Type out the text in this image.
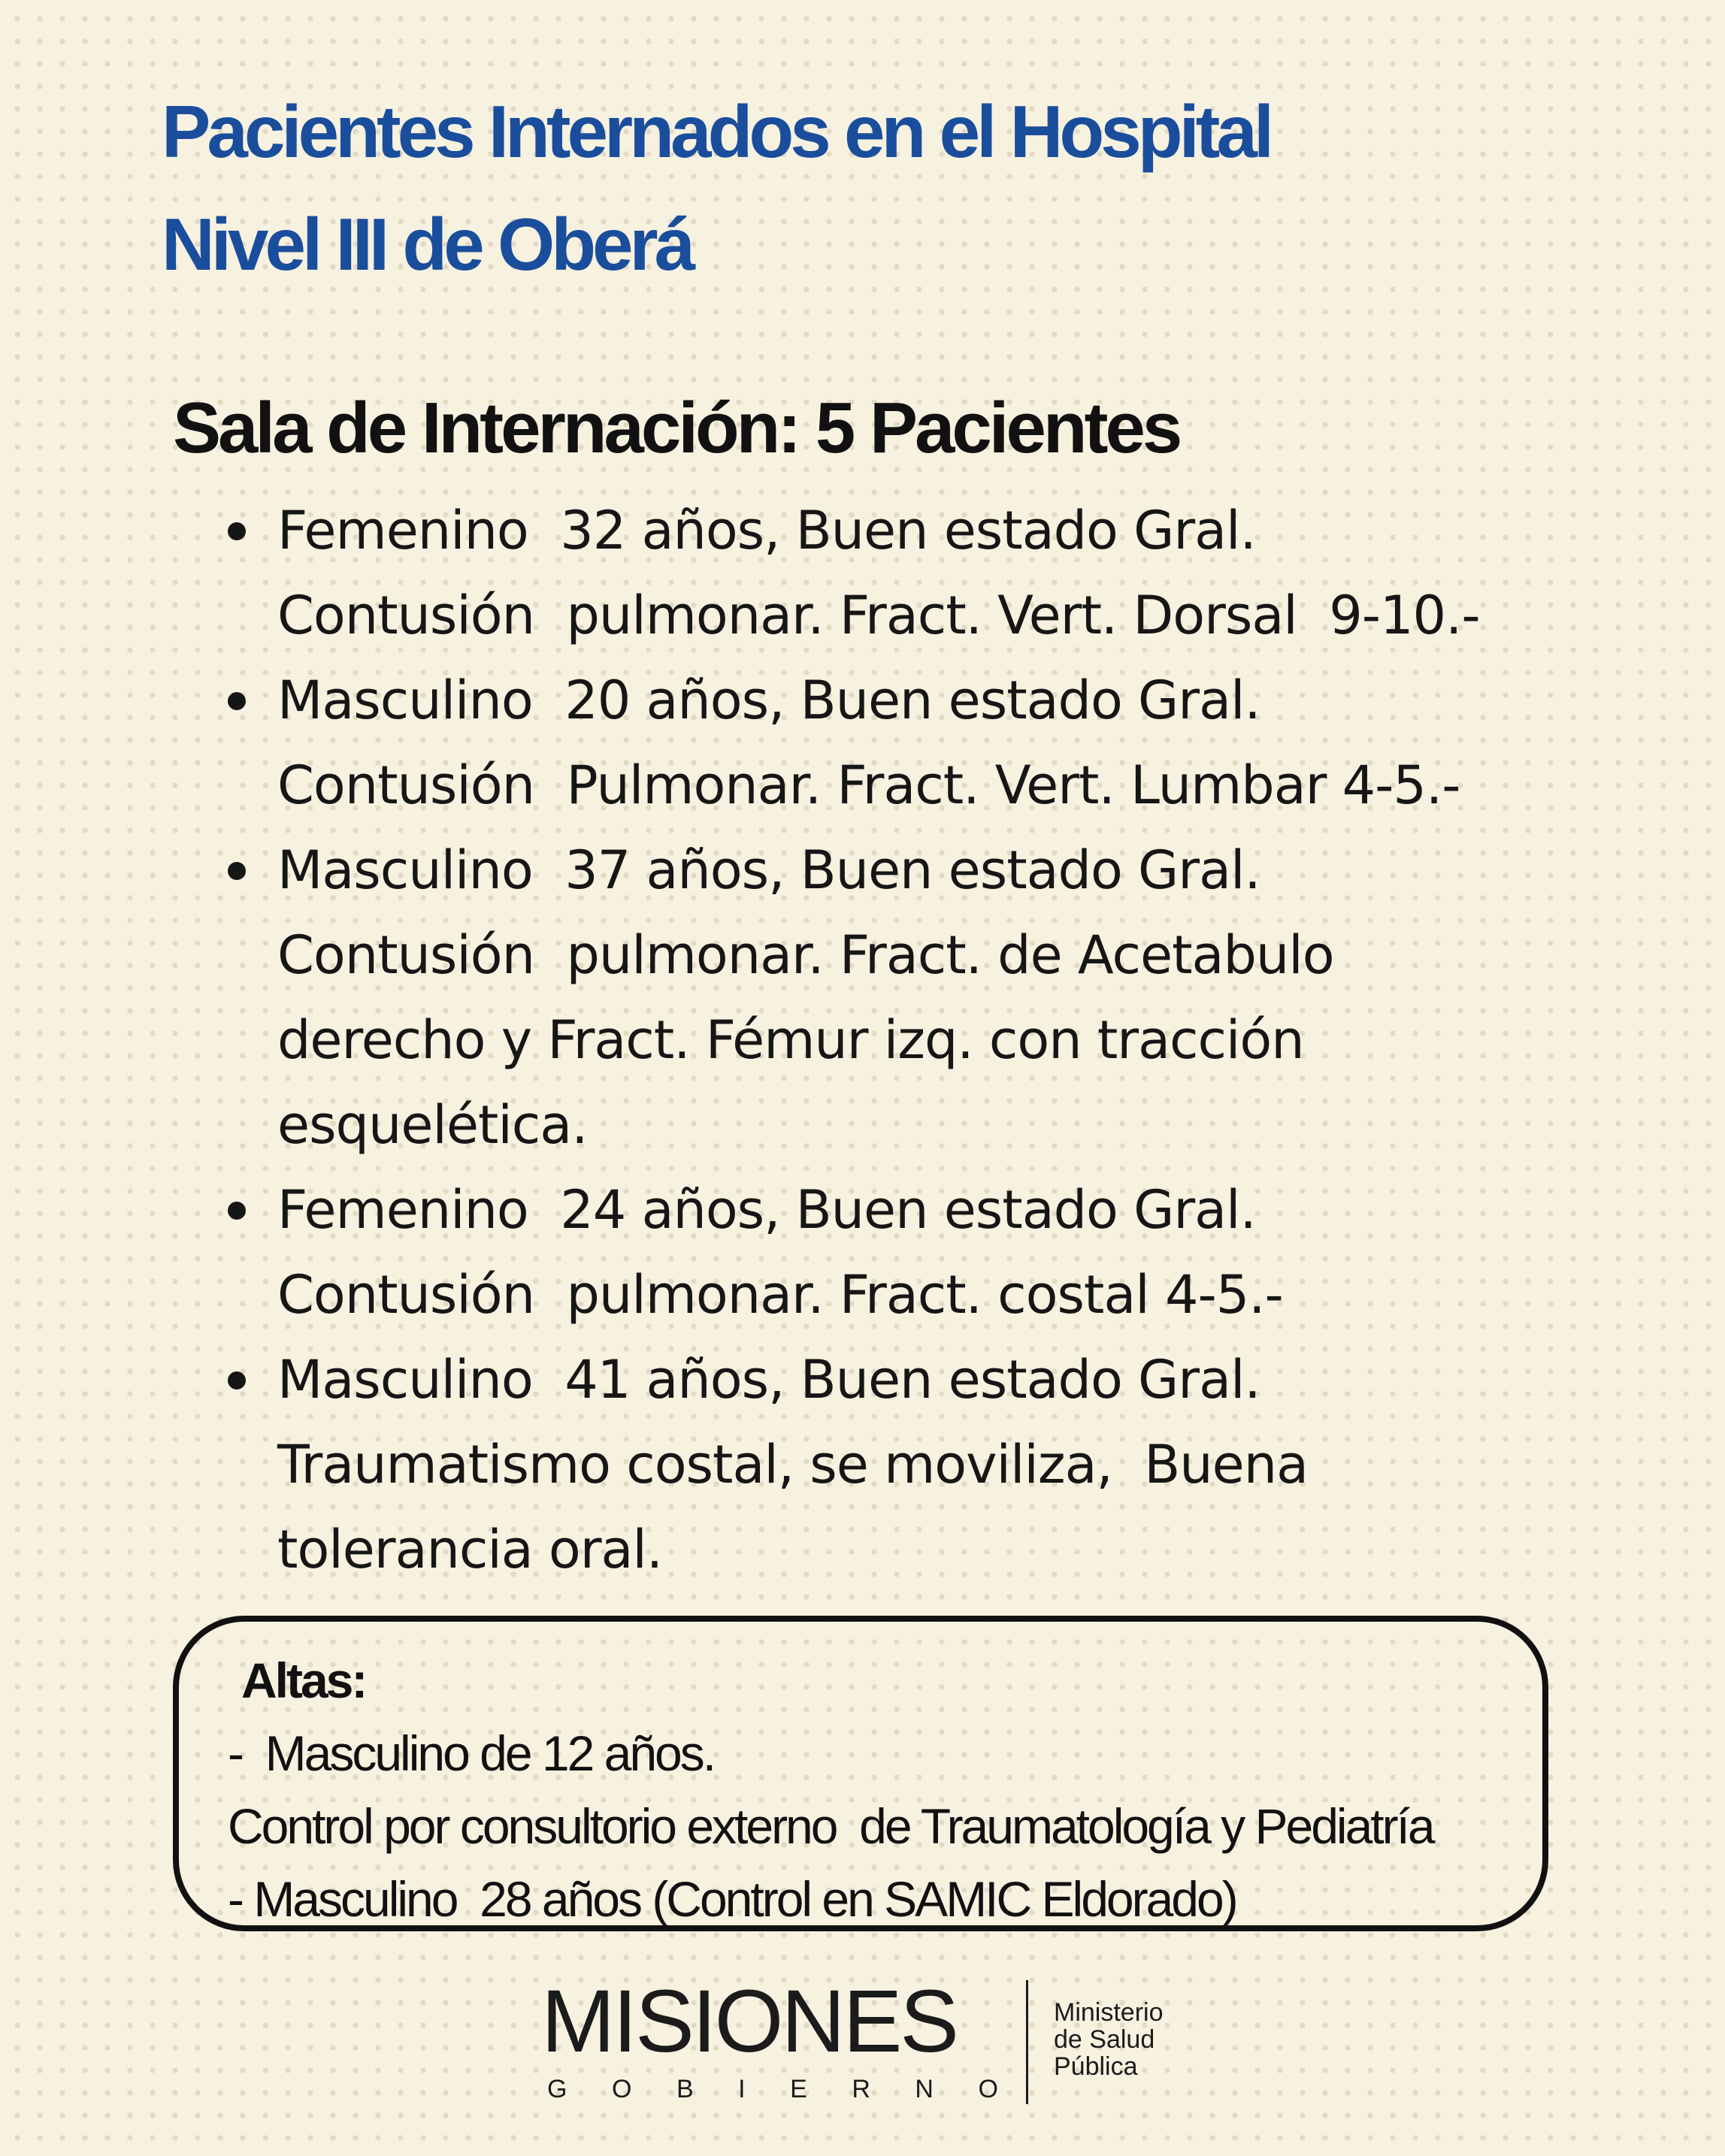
Pacientes Internados en el Hospital
Nivel III de Oberá
Sala de Internación: 5 Pacientes
Femenino  32 años, Buen estado Gral.
Contusión  pulmonar. Fract. Vert. Dorsal  9-10.-
Masculino  20 años, Buen estado Gral.
Contusión  Pulmonar. Fract. Vert. Lumbar 4-5.-
Masculino  37 años, Buen estado Gral.
Contusión  pulmonar. Fract. de Acetabulo
derecho y Fract. Fémur izq. con tracción
esquelética.
Femenino  24 años, Buen estado Gral.
Contusión  pulmonar. Fract. costal 4-5.-
Masculino  41 años, Buen estado Gral.
Traumatismo costal, se moviliza,  Buena
tolerancia oral.
Altas:
-  Masculino de 12 años.
Control por consultorio externo  de Traumatología y Pediatría
- Masculino  28 años (Control en SAMIC Eldorado)
MISIONES
G O B I E R N O
Ministerio
de Salud
Pública
